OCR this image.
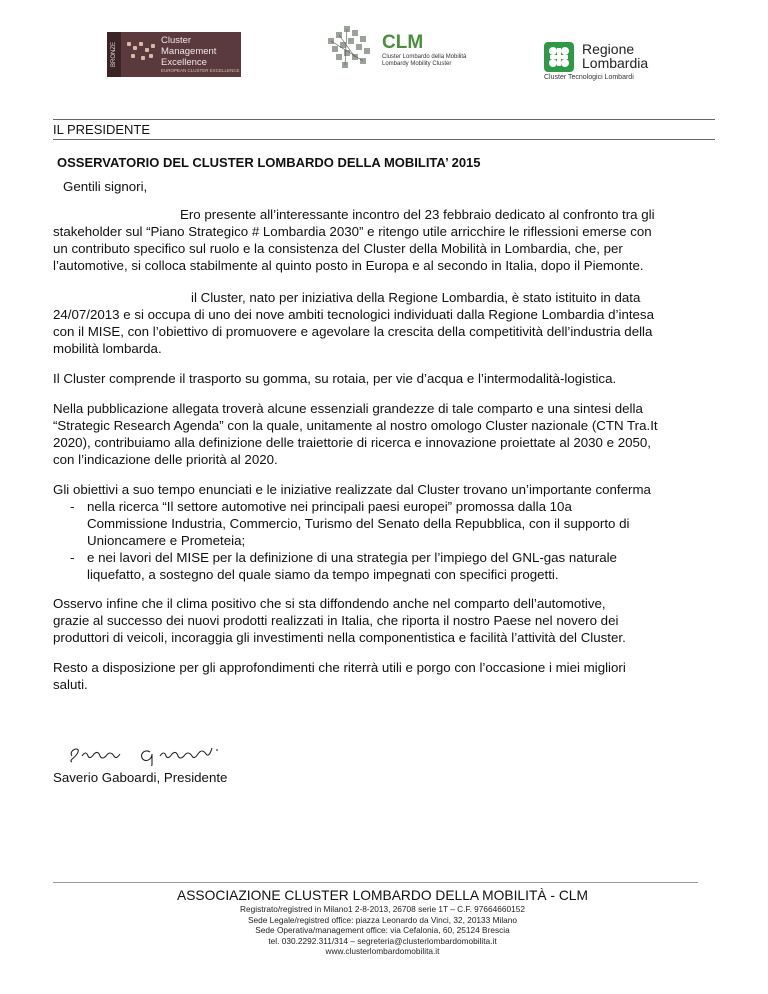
BRONZE
Cluster
Management
Excellence
EUROPEAN CLUSTER EXCELLENCE
CLM
Cluster Lombardo della Mobilità
Lombardy Mobility Cluster
Regione
Lombardia
Cluster Tecnologici Lombardi
IL PRESIDENTE
OSSERVATORIO DEL CLUSTER LOMBARDO DELLA MOBILITA’ 2015
Gentili signori,
Ero presente all’interessante incontro del 23 febbraio dedicato al confronto tra gli
stakeholder sul “Piano Strategico # Lombardia 2030” e ritengo utile arricchire le riflessioni emerse con
un contributo specifico sul ruolo e la consistenza del Cluster della Mobilità in Lombardia, che, per
l’automotive, si colloca stabilmente al quinto posto in Europa e al secondo in Italia, dopo il Piemonte.
il Cluster, nato per iniziativa della Regione Lombardia, è stato istituito in data
24/07/2013 e si occupa di uno dei nove ambiti tecnologici individuati dalla Regione Lombardia d’intesa
con il MISE, con l’obiettivo di promuovere e agevolare la crescita della competitività dell’industria della
mobilità lombarda.
Il Cluster comprende il trasporto su gomma, su rotaia, per vie d’acqua e l’intermodalità-logistica.
Nella pubblicazione allegata troverà alcune essenziali grandezze di tale comparto e una sintesi della
“Strategic Research Agenda” con la quale, unitamente al nostro omologo Cluster nazionale (CTN Tra.It
2020), contribuiamo alla definizione delle traiettorie di ricerca e innovazione proiettate al 2030 e 2050,
con l’indicazione delle priorità al 2020.
Gli obiettivi a suo tempo enunciati e le iniziative realizzate dal Cluster trovano un’importante conferma
- nella ricerca “Il settore automotive nei principali paesi europei” promossa dalla 10a
Commissione Industria, Commercio, Turismo del Senato della Repubblica, con il supporto di
Unioncamere e Prometeia;
- e nei lavori del MISE per la definizione di una strategia per l’impiego del GNL-gas naturale
liquefatto, a sostegno del quale siamo da tempo impegnati con specifici progetti.
Osservo infine che il clima positivo che si sta diffondendo anche nel comparto dell’automotive,
grazie al successo dei nuovi prodotti realizzati in Italia, che riporta il nostro Paese nel novero dei
produttori di veicoli, incoraggia gli investimenti nella componentistica e facilità l’attività del Cluster.
Resto a disposizione per gli approfondimenti che riterrà utili e porgo con l’occasione i miei migliori
saluti.
Saverio Gaboardi, Presidente
ASSOCIAZIONE CLUSTER LOMBARDO DELLA MOBILITÀ - CLM
Registrato/registred in Milano1 2-8-2013, 26708 serie 1T – C.F. 97664660152
Sede Legale/registred office: piazza Leonardo da Vinci, 32, 20133 Milano
Sede Operativa/management office: via Cefalonia, 60, 25124 Brescia
tel. 030.2292.311/314 – segreteria@clusterlombardomobilita.it
www.clusterlombardomobilita.it
